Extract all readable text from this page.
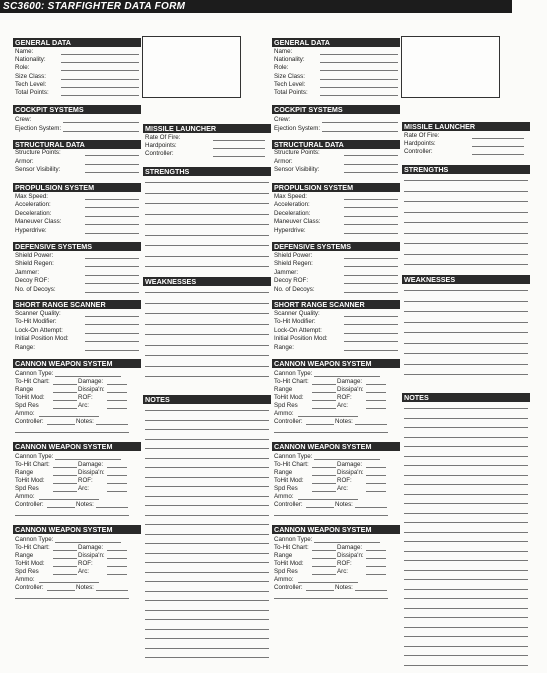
SC3600: STARFIGHTER DATA FORM
GENERAL DATA
Name:
Nationality:
Role:
Size Class:
Tech Level:
Total Points:
COCKPIT SYSTEMS
Crew:
Ejection System:
STRUCTURAL DATA
Structure Points:
Armor:
Sensor Visibility:
PROPULSION SYSTEM
Max Speed:
Acceleration:
Deceleration:
Maneuver Class:
Hyperdrive:
DEFENSIVE SYSTEMS
Shield Power:
Shield Regen:
Jammer:
Decoy ROF:
No. of Decoys:
SHORT RANGE SCANNER
Scanner Quality:
To-Hit Modifier:
Lock-On Attempt:
Initial Position Mod:
Range:
CANNON WEAPON SYSTEM
Cannon Type:
To-Hit Chart:	Damage:
Range	Dissipa'n:
ToHit Mod:	ROF:
Spd Res	Arc:
Ammo:
Controller:	Notes:
CANNON WEAPON SYSTEM
Cannon Type:
To-Hit Chart:	Damage:
Range	Dissipa'n:
ToHit Mod:	ROF:
Spd Res	Arc:
Ammo:
Controller:	Notes:
CANNON WEAPON SYSTEM
Cannon Type:
To-Hit Chart:	Damage:
Range	Dissipa'n:
ToHit Mod:	ROF:
Spd Res	Arc:
Ammo:
Controller:	Notes:
MISSILE LAUNCHER
Rate Of Fire:
Hardpoints:
Controller:
STRENGTHS
WEAKNESSES
NOTES
GENERAL DATA
Name:
Nationality:
Role:
Size Class:
Tech Level:
Total Points:
COCKPIT SYSTEMS
Crew:
Ejection System:
STRUCTURAL DATA
Structure Points:
Armor:
Sensor Visibility:
PROPULSION SYSTEM
Max Speed:
Acceleration:
Deceleration:
Maneuver Class:
Hyperdrive:
DEFENSIVE SYSTEMS
Shield Power:
Shield Regen:
Jammer:
Decoy ROF:
No. of Decoys:
SHORT RANGE SCANNER
Scanner Quality:
To-Hit Modifier:
Lock-On Attempt:
Initial Position Mod:
Range:
CANNON WEAPON SYSTEM
Cannon Type:
To-Hit Chart:	Damage:
Range	Dissipa'n:
ToHit Mod:	ROF:
Spd Res	Arc:
Ammo:
Controller:	Notes:
CANNON WEAPON SYSTEM
Cannon Type:
To-Hit Chart:	Damage:
Range	Dissipa'n:
ToHit Mod:	ROF:
Spd Res	Arc:
Ammo:
Controller:	Notes:
CANNON WEAPON SYSTEM
Cannon Type:
To-Hit Chart:	Damage:
Range	Dissipa'n:
ToHit Mod:	ROF:
Spd Res	Arc:
Ammo:
Controller:	Notes:
MISSILE LAUNCHER
Rate Of Fire:
Hardpoints:
Controller:
STRENGTHS
WEAKNESSES
NOTES
